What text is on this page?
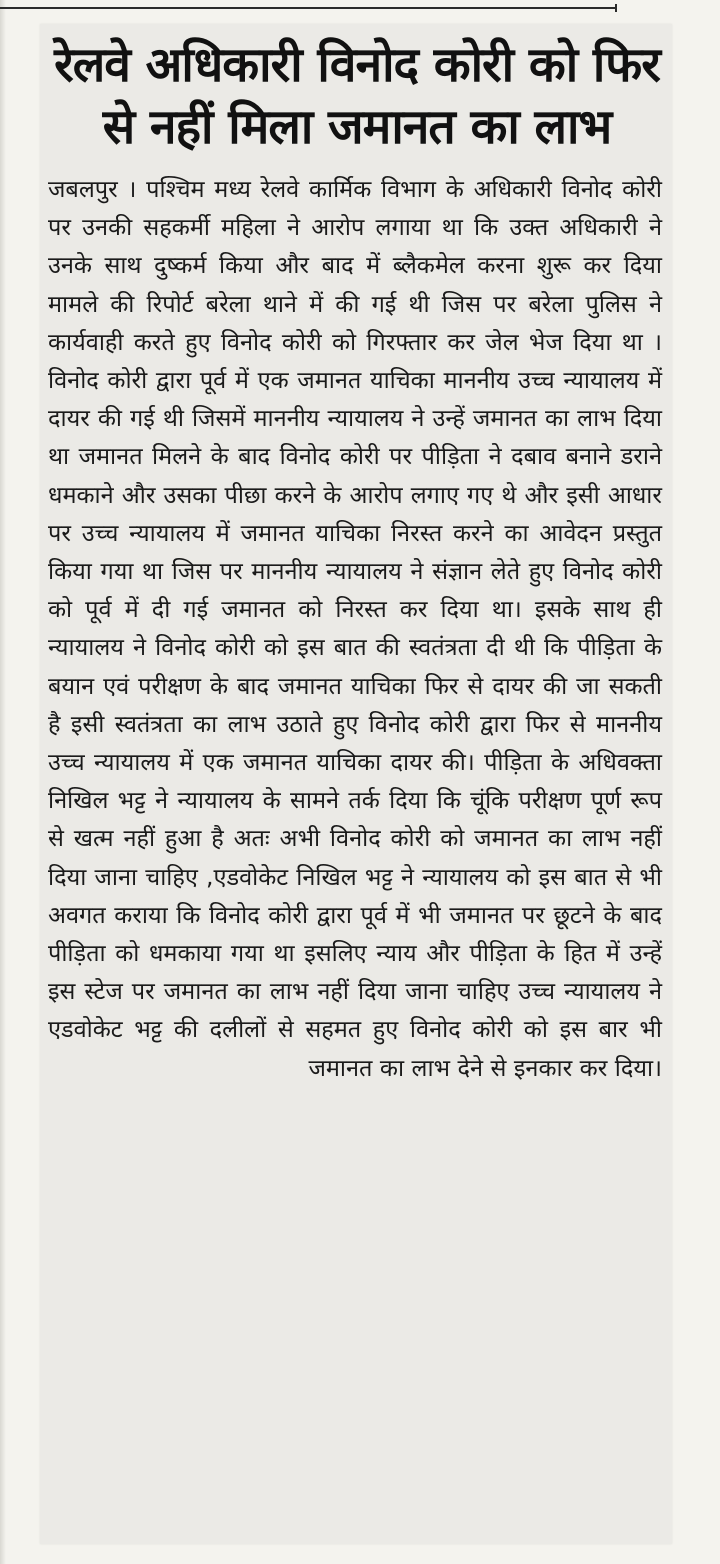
रेलवे अधिकारी विनोद कोरी को फिर से नहीं मिला जमानत का लाभ

जबलपुर । पश्चिम मध्य रेलवे कार्मिक विभाग के अधिकारी विनोद कोरी पर उनकी सहकर्मी महिला ने आरोप लगाया था कि उक्त अधिकारी ने उनके साथ दुष्कर्म किया और बाद में ब्लैकमेल करना शुरू कर दिया मामले की रिपोर्ट बरेला थाने में की गई थी जिस पर बरेला पुलिस ने कार्यवाही करते हुए विनोद कोरी को गिरफ्तार कर जेल भेज दिया था ।विनोद कोरी द्वारा पूर्व में एक जमानत याचिका माननीय उच्च न्यायालय में दायर की गई थी जिसमें माननीय न्यायालय ने उन्हें जमानत का लाभ दिया था जमानत मिलने के बाद विनोद कोरी पर पीड़िता ने दबाव बनाने डराने धमकाने और उसका पीछा करने के आरोप लगाए गए थे और इसी आधार पर उच्च न्यायालय में जमानत याचिका निरस्त करने का आवेदन प्रस्तुत किया गया था जिस पर माननीय न्यायालय ने संज्ञान लेते हुए विनोद कोरी को पूर्व में दी गई जमानत को निरस्त कर दिया था। इसके साथ ही न्यायालय ने विनोद कोरी को इस बात की स्वतंत्रता दी थी कि पीड़िता के बयान एवं परीक्षण के बाद जमानत याचिका फिर से दायर की जा सकती है इसी स्वतंत्रता का लाभ उठाते हुए विनोद कोरी द्वारा फिर से माननीय उच्च न्यायालय में एक जमानत याचिका दायर की। पीड़िता के अधिवक्ता निखिल भट्ट ने न्यायालय के सामने तर्क दिया कि चूंकि परीक्षण पूर्ण रूप से खत्म नहीं हुआ है अतः अभी विनोद कोरी को जमानत का लाभ नहीं दिया जाना चाहिए ,एडवोकेट निखिल भट्ट ने न्यायालय को इस बात से भी अवगत कराया कि विनोद कोरी द्वारा पूर्व में भी जमानत पर छूटने के बाद पीड़िता को धमकाया गया था इसलिए न्याय और पीड़िता के हित में उन्हें इस स्टेज पर जमानत का लाभ नहीं दिया जाना चाहिए उच्च न्यायालय ने एडवोकेट भट्ट की दलीलों से सहमत हुए विनोद कोरी को इस बार भी जमानत का लाभ देने से इनकार कर दिया।
